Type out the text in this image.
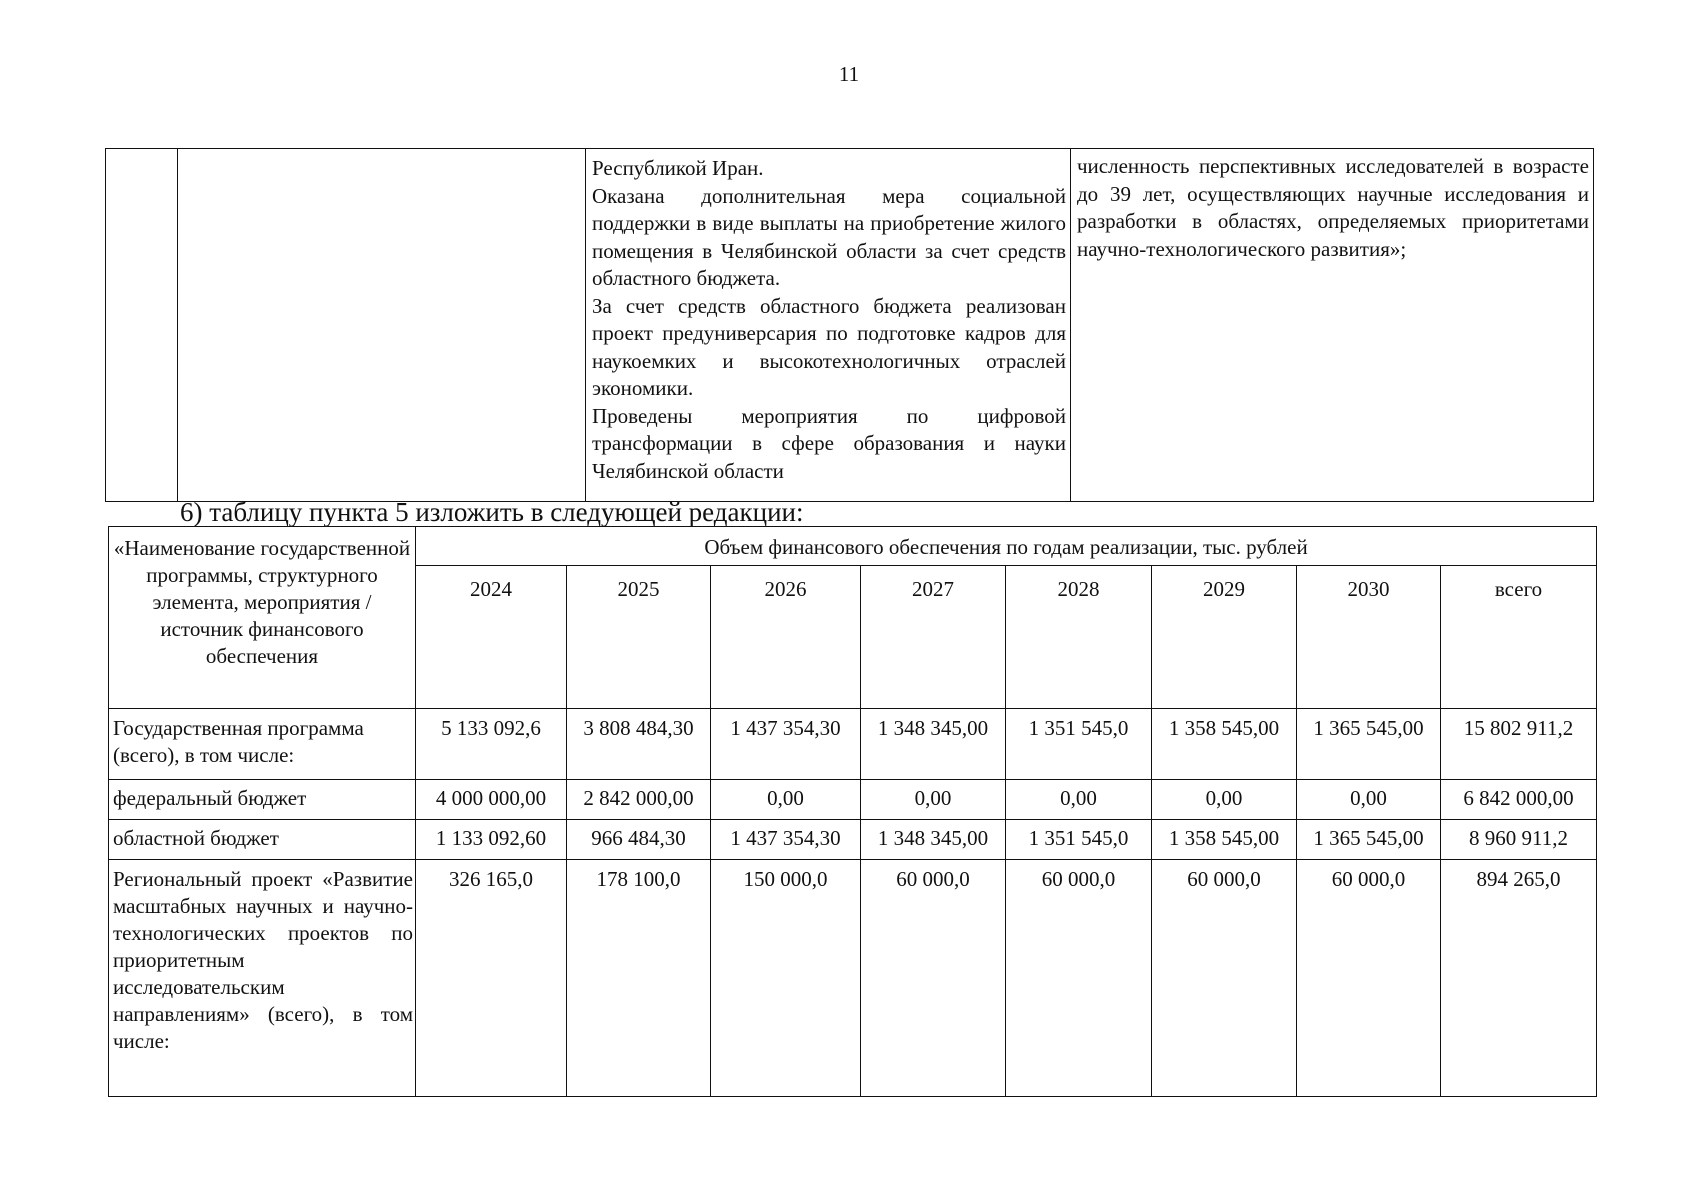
11

Республикой Иран.

Оказана дополнительная мера социальной поддержки в виде выплаты на приобретение жилого помещения в Челябинской области за счет средств областного бюджета.

За счет средств областного бюджета реализован проект предуниверсария по подготовке кадров для наукоемких и высокотехнологичных отраслей экономики.

Проведены мероприятия по цифровой трансформации в сфере образования и науки Челябинской области

численность перспективных исследователей в возрасте до 39 лет, осуществляющих научные исследования и разработки в областях, определяемых приоритетами научно-технологического развития»;

6) таблицу пункта 5 изложить в следующей редакции:
«Наименование государственной программы, структурного элемента, мероприятия / источник финансового обеспечения	Объем финансового обеспечения по годам реализации, тыс. рублей							
	2024	2025	2026	2027	2028	2029	2030	всего
Государственная программа (всего), в том числе:	5 133 092,6	3 808 484,30	1 437 354,30	1 348 345,00	1 351 545,0	1 358 545,00	1 365 545,00	15 802 911,2
федеральный бюджет	4 000 000,00	2 842 000,00	0,00	0,00	0,00	0,00	0,00	6 842 000,00
областной бюджет	1 133 092,60	966 484,30	1 437 354,30	1 348 345,00	1 351 545,0	1 358 545,00	1 365 545,00	8 960 911,2
Региональный проект «Развитие масштабных научных и научно-технологических проектов по приоритетным исследовательским направлениям» (всего), в том числе:	326 165,0	178 100,0	150 000,0	60 000,0	60 000,0	60 000,0	60 000,0	894 265,0
